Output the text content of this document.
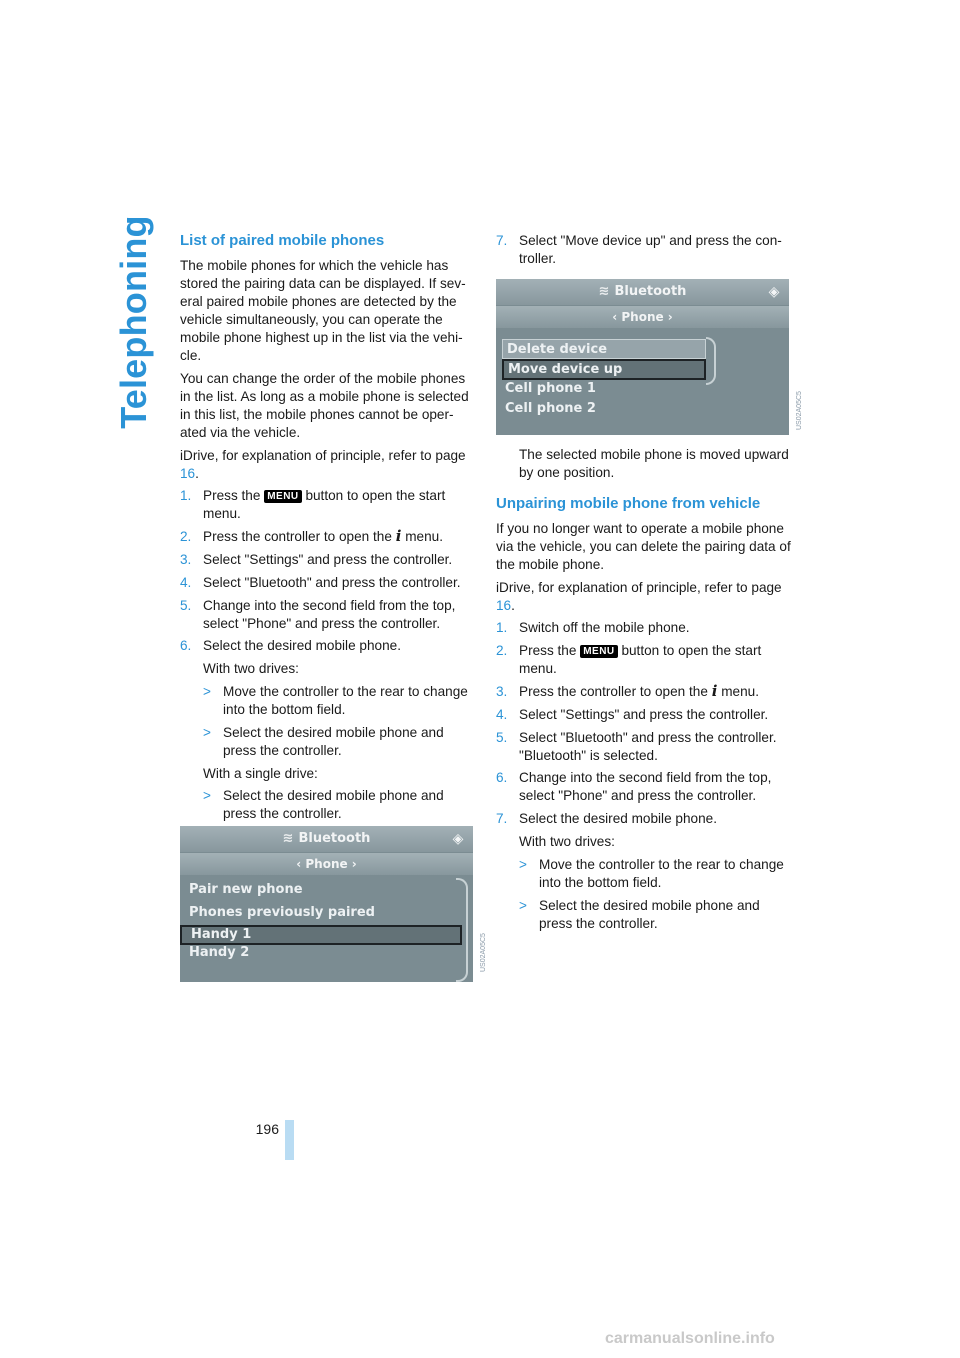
Telephoning List of paired mobile phones

The mobile phones for which the vehicle has stored the pairing data can be displayed. If sev-eral paired mobile phones are detected by the vehicle simultaneously, you can operate the mobile phone highest up in the list via the vehi-cle.

You can change the order of the mobile phones in the list. As long as a mobile phone is selected in this list, the mobile phones cannot be oper-ated via the vehicle.

iDrive, for explanation of principle, refer to page
16.

1. Press the MENU button to open the start menu.
2. Press the controller to open the i menu.
3. Select "Settings" and press the controller.
4. Select "Bluetooth" and press the controller.
5. Change into the second field from the top, select "Phone" and press the controller.
6. Select the desired mobile phone.

With two drives:

> Move the controller to the rear to change into the bottom field.
> Select the desired mobile phone and press the controller.

With a single drive:

> Select the desired mobile phone and press the controller.
≋ Bluetooth	◈
‹ Phone ›
Pair new phone
Phones previously paired
Handy 1
Handy 2	US02A05C5
7. Select "Move device up" and press the con-troller.

The selected mobile phone is moved upward by one position.

Unpairing mobile phone from vehicle

If you no longer want to operate a mobile phone via the vehicle, you can delete the pairing data of the mobile phone.

iDrive, for explanation of principle, refer to page
16.

1. Switch off the mobile phone.
2. Press the MENU button to open the start menu.
3. Press the controller to open the i menu.
4. Select "Settings" and press the controller.
5. Select "Bluetooth" and press the controller. "Bluetooth" is selected.
6. Change into the second field from the top, select "Phone" and press the controller.
7. Select the desired mobile phone.

With two drives:

> Move the controller to the rear to change into the bottom field.
> Select the desired mobile phone and press the controller.
≋ Bluetooth	◈
‹ Phone ›
Delete device
Move device up
Cell phone 1
Cell phone 2	US02A05C5
196
carmanualsonline.info
